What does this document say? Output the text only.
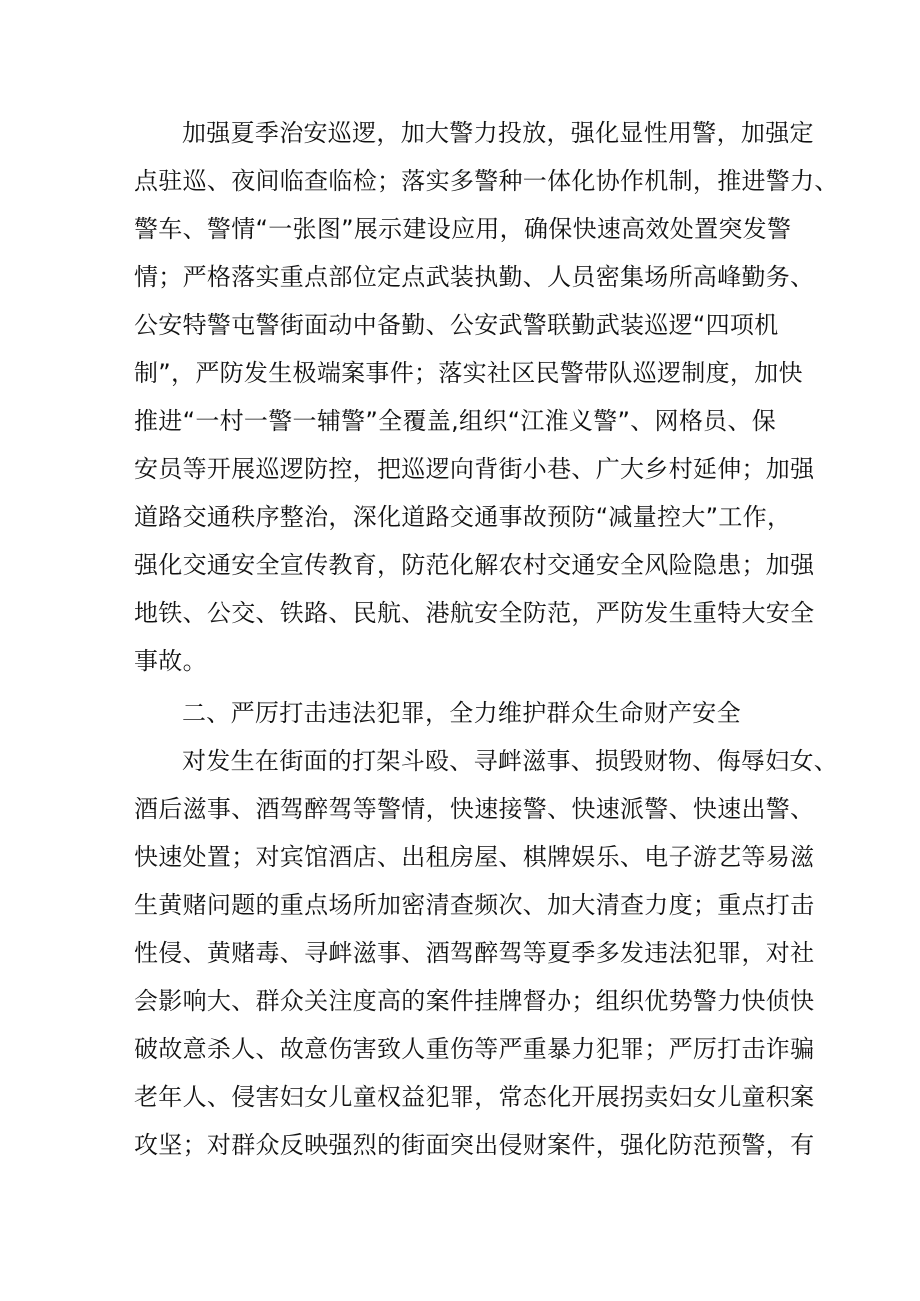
加强夏季治安巡逻，加大警力投放，强化显性用警，加强定
点驻巡、夜间临查临检；落实多警种一体化协作机制，推进警力、
警车、警情“一张图”展示建设应用，确保快速高效处置突发警
情；严格落实重点部位定点武装执勤、人员密集场所高峰勤务、
公安特警屯警街面动中备勤、公安武警联勤武装巡逻“四项机
制”，严防发生极端案事件；落实社区民警带队巡逻制度，加快
推进“一村一警一辅警”全覆盖,组织“江淮义警”、网格员、保
安员等开展巡逻防控，把巡逻向背街小巷、广大乡村延伸；加强
道路交通秩序整治，深化道路交通事故预防“减量控大”工作，
强化交通安全宣传教育，防范化解农村交通安全风险隐患；加强
地铁、公交、铁路、民航、港航安全防范，严防发生重特大安全
事故。
二、严厉打击违法犯罪，全力维护群众生命财产安全
对发生在街面的打架斗殴、寻衅滋事、损毁财物、侮辱妇女、
酒后滋事、酒驾醉驾等警情，快速接警、快速派警、快速出警、
快速处置；对宾馆酒店、出租房屋、棋牌娱乐、电子游艺等易滋
生黄赌问题的重点场所加密清查频次、加大清查力度；重点打击
性侵、黄赌毒、寻衅滋事、酒驾醉驾等夏季多发违法犯罪，对社
会影响大、群众关注度高的案件挂牌督办；组织优势警力快侦快
破故意杀人、故意伤害致人重伤等严重暴力犯罪；严厉打击诈骗
老年人、侵害妇女儿童权益犯罪，常态化开展拐卖妇女儿童积案
攻坚；对群众反映强烈的街面突出侵财案件，强化防范预警，有
